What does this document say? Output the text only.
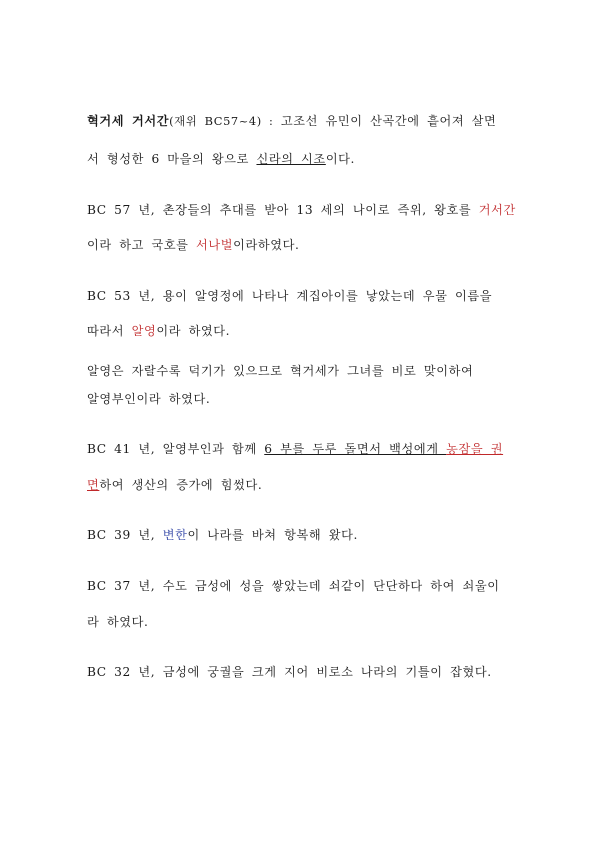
혁거세 거서간(재위 BC57~4) : 고조선 유민이 산곡간에 흩어져 살면
서 형성한 6 마을의 왕으로 신라의 시조이다.
BC 57 년, 촌장들의 추대를 받아 13 세의 나이로 즉위, 왕호를 거서간
이라 하고 국호를 서나벌이라하였다.
BC 53 년, 용이 알영정에 나타나 계집아이를 낳았는데 우물 이름을
따라서 알영이라 하였다.
알영은 자랄수록 덕기가 있으므로 혁거세가 그녀를 비로 맞이하여
알영부인이라 하였다.
BC 41 년, 알영부인과 함께 6 부를 두루 돌면서 백성에게 농잠을 권
면하여 생산의 증가에 힘썼다.
BC 39 년, 변한이 나라를 바쳐 항복해 왔다.
BC 37 년, 수도 금성에 성을 쌓았는데 쇠같이 단단하다 하여 쇠울이
라 하였다.
BC 32 년, 금성에 궁궐을 크게 지어 비로소 나라의 기틀이 잡혔다.
